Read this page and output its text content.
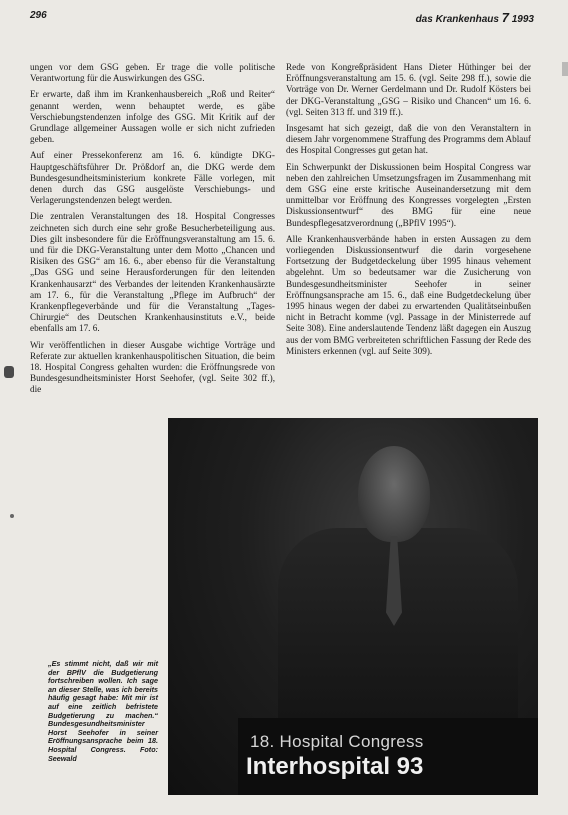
296	das Krankenhaus 7 1993

ungen vor dem GSG geben. Er trage die volle politische Verantwortung für die Auswirkungen des GSG.

Er erwarte, daß ihm im Krankenhausbereich „Roß und Reiter“ genannt werden, wenn behauptet werde, es gäbe Verschiebungstendenzen infolge des GSG. Mit Kritik auf der Grundlage allgemeiner Aussagen wolle er sich nicht zufrieden geben.

Auf einer Pressekonferenz am 16. 6. kündigte DKG-Hauptgeschäftsführer Dr. Prößdorf an, die DKG werde dem Bundesgesundheitsministerium konkrete Fälle vorlegen, mit denen durch das GSG ausgelöste Verschiebungs- und Verlagerungstendenzen belegt werden.

Die zentralen Veranstaltungen des 18. Hospital Congresses zeichneten sich durch eine sehr große Besucherbeteiligung aus. Dies gilt insbesondere für die Eröffnungsveranstaltung am 15. 6. und für die DKG-Veranstaltung unter dem Motto „Chancen und Risiken des GSG“ am 16. 6., aber ebenso für die Veranstaltung „Das GSG und seine Herausforderungen für den leitenden Krankenhausarzt“ des Verbandes der leitenden Krankenhausärzte am 17. 6., für die Veranstaltung „Pflege im Aufbruch“ der Krankenpflegeverbände und für die Veranstaltung „Tages-Chirurgie“ des Deutschen Krankenhausinstituts e.V., beide ebenfalls am 17. 6.

Wir veröffentlichen in dieser Ausgabe wichtige Vorträge und Referate zur aktuellen krankenhauspolitischen Situation, die beim 18. Hospital Congress gehalten wurden: die Eröffnungsrede von Bundesgesundheitsminister Horst Seehofer, (vgl. Seite 302 ff.), die

Rede von Kongreßpräsident Hans Dieter Hüthinger bei der Eröffnungsveranstaltung am 15. 6. (vgl. Seite 298 ff.), sowie die Vorträge von Dr. Werner Gerdelmann und Dr. Rudolf Kösters bei der DKG-Veranstaltung „GSG – Risiko und Chancen“ um 16. 6. (vgl. Seiten 313 ff. und 319 ff.).

Insgesamt hat sich gezeigt, daß die von den Veranstaltern in diesem Jahr vorgenommene Straffung des Programms dem Ablauf des Hospital Congresses gut getan hat.

Ein Schwerpunkt der Diskussionen beim Hospital Congress war neben den zahlreichen Umsetzungsfragen im Zusammenhang mit dem GSG eine erste kritische Auseinandersetzung mit dem unmittelbar vor Eröffnung des Kongresses vorgelegten „Ersten Diskussionsentwurf“ des BMG für eine neue Bundespflegesatzverordnung („BPflV 1995“).

Alle Krankenhausverbände haben in ersten Aussagen zu dem vorliegenden Diskussionsentwurf die darin vorgesehene Fortsetzung der Budgetdeckelung über 1995 hinaus vehement abgelehnt. Um so bedeutsamer war die Zusicherung von Bundesgesundheitsminister Seehofer in seiner Eröffnungsansprache am 15. 6., daß eine Budgetdeckelung über 1995 hinaus wegen der dabei zu erwartenden Qualitätseinbußen nicht in Betracht komme (vgl. Passage in der Ministerrede auf Seite 308). Eine anderslautende Tendenz läßt dagegen ein Auszug aus der vom BMG verbreiteten schriftlichen Fassung der Rede des Ministers erkennen (vgl. auf Seite 309).

18. Hospital Congress
Interhospital 93
„Es stimmt nicht, daß wir mit der BPflV die Budgetierung fortschreiben wollen. Ich sage an dieser Stelle, was ich bereits häufig gesagt habe: Mit mir ist auf eine zeitlich befristete Budgetierung zu machen.“ Bundesgesundheitsminister Horst Seehofer in seiner Eröffnungsansprache beim 18. Hospital Congress. Foto: Seewald
